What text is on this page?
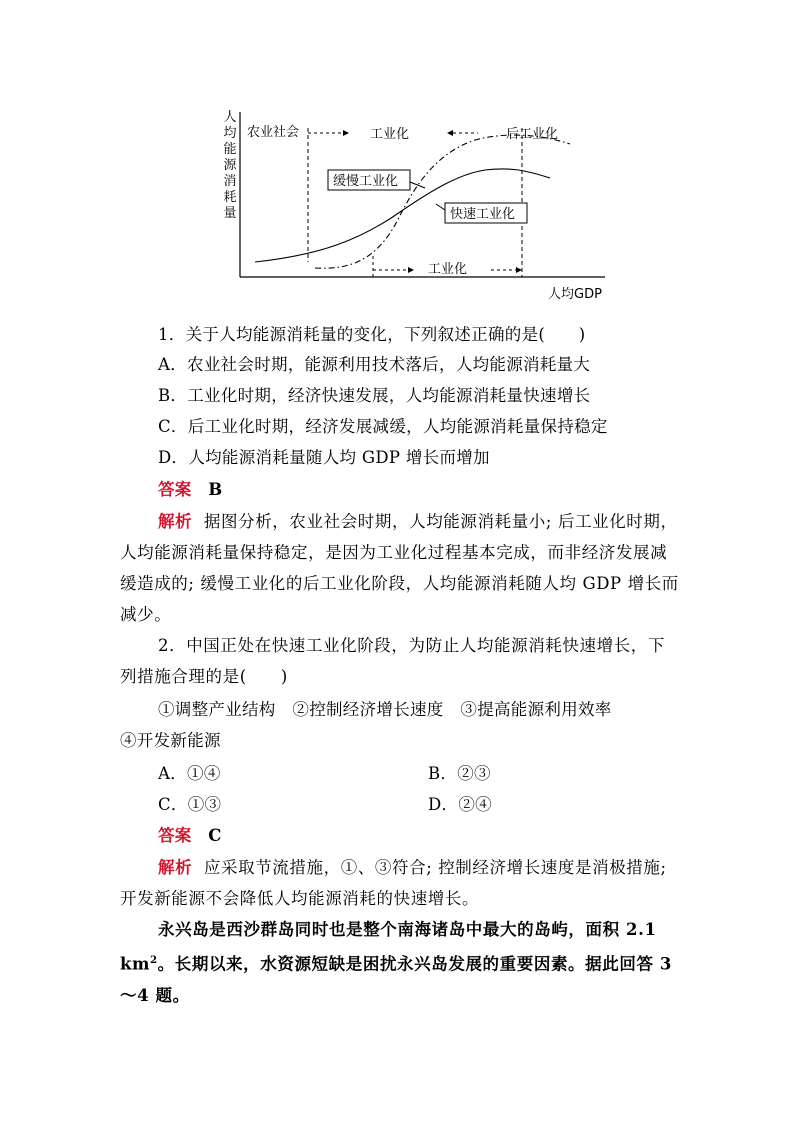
农业社会	工业化	后工业化
缓慢工业化
快速工业化
工业化
人均GDP
人
均
能
源
消
耗
量
1．关于人均能源消耗量的变化，下列叙述正确的是(　　)
A．农业社会时期，能源利用技术落后，人均能源消耗量大
B．工业化时期，经济快速发展，人均能源消耗量快速增长
C．后工业化时期，经济发展减缓，人均能源消耗量保持稳定
D．人均能源消耗量随人均 GDP 增长而增加
答案 B
解析 据图分析，农业社会时期，人均能源消耗量小; 后工业化时期，人均能源消耗量保持稳定，是因为工业化过程基本完成，而非经济发展减缓造成的; 缓慢工业化的后工业化阶段，人均能源消耗随人均 GDP 增长而减少。
2．中国正处在快速工业化阶段，为防止人均能源消耗快速增长，下列措施合理的是(　　)
①调整产业结构　②控制经济增长速度　③提高能源利用效率
④开发新能源
A．①④	B．②③
C．①③	D．②④
答案 C
解析 应采取节流措施，①、③符合; 控制经济增长速度是消极措施; 开发新能源不会降低人均能源消耗的快速增长。
永兴岛是西沙群岛同时也是整个南海诸岛中最大的岛屿，面积 2.1 $km^2$。长期以来，水资源短缺是困扰永兴岛发展的重要因素。据此回答 3～4 题。
